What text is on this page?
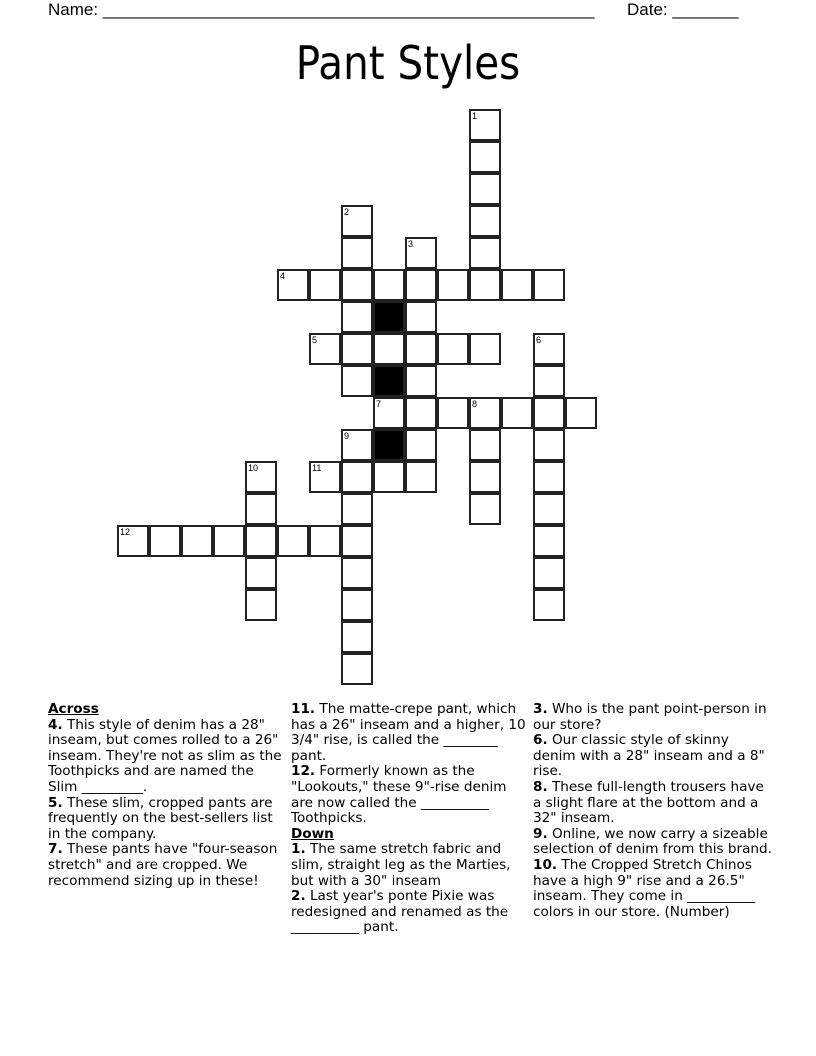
Name: ____________________________________________________ Date: _______
Pant Styles
1
2
3
4
5	6
7	8
9
10	11
12

Across

4. This style of denim has a 28" inseam, but comes rolled to a 26" inseam. They're not as slim as the Toothpicks and are named the Slim _________.

5. These slim, cropped pants are frequently on the best-sellers list in the company.

7. These pants have "four-season stretch" and are cropped. We recommend sizing up in these!

11. The matte-crepe pant, which has a 26" inseam and a higher, 10 3/4" rise, is called the ________ pant.

12. Formerly known as the "Lookouts," these 9"-rise denim are now called the __________ Toothpicks.

Down

1. The same stretch fabric and slim, straight leg as the Marties, but with a 30" inseam

2. Last year's ponte Pixie was redesigned and renamed as the __________ pant.

3. Who is the pant point-person in our store?

6. Our classic style of skinny denim with a 28" inseam and a 8" rise.

8. These full-length trousers have a slight flare at the bottom and a 32" inseam.

9. Online, we now carry a sizeable selection of denim from this brand.

10. The Cropped Stretch Chinos have a high 9" rise and a 26.5" inseam. They come in __________ colors in our store. (Number)
